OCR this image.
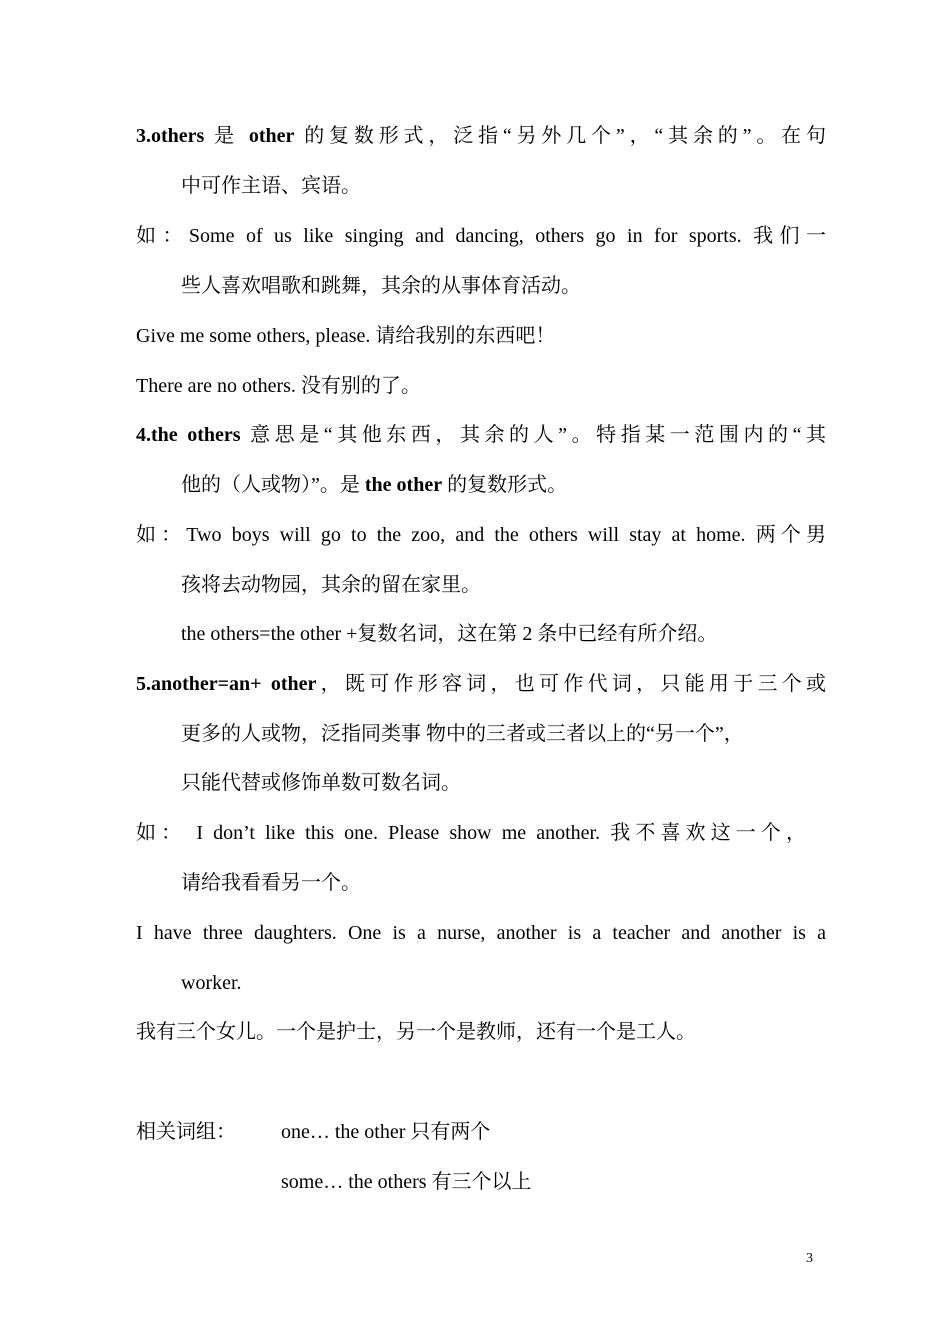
3.others 是 other 的复数形式，泛指“另外几个”，“其余的”。在句
中可作主语、宾语。
如：Some of us like singing and dancing, others go in for sports. 我们一
些人喜欢唱歌和跳舞，其余的从事体育活动。
Give me some others, please. 请给我别的东西吧！
There are no others. 没有别的了。
4.the others 意思是“其他东西，其余的人”。特指某一范围内的“其
他的（人或物）”。是 the other 的复数形式。
如：Two boys will go to the zoo, and the others will stay at home. 两个男
孩将去动物园，其余的留在家里。
the others=the other +复数名词，这在第 2 条中已经有所介绍。
5.another=an+ other，既可作形容词，也可作代词，只能用于三个或
更多的人或物，泛指同类事 物中的三者或三者以上的“另一个”，
只能代替或修饰单数可数名词。
如： I don’t like this one. Please show me another. 我不喜欢这一个，
请给我看看另一个。
I have three daughters. One is a nurse, another is a teacher and another is a
worker.
我有三个女儿。一个是护士，另一个是教师，还有一个是工人。
相关词组： one… the other 只有两个
some… the others 有三个以上
3
